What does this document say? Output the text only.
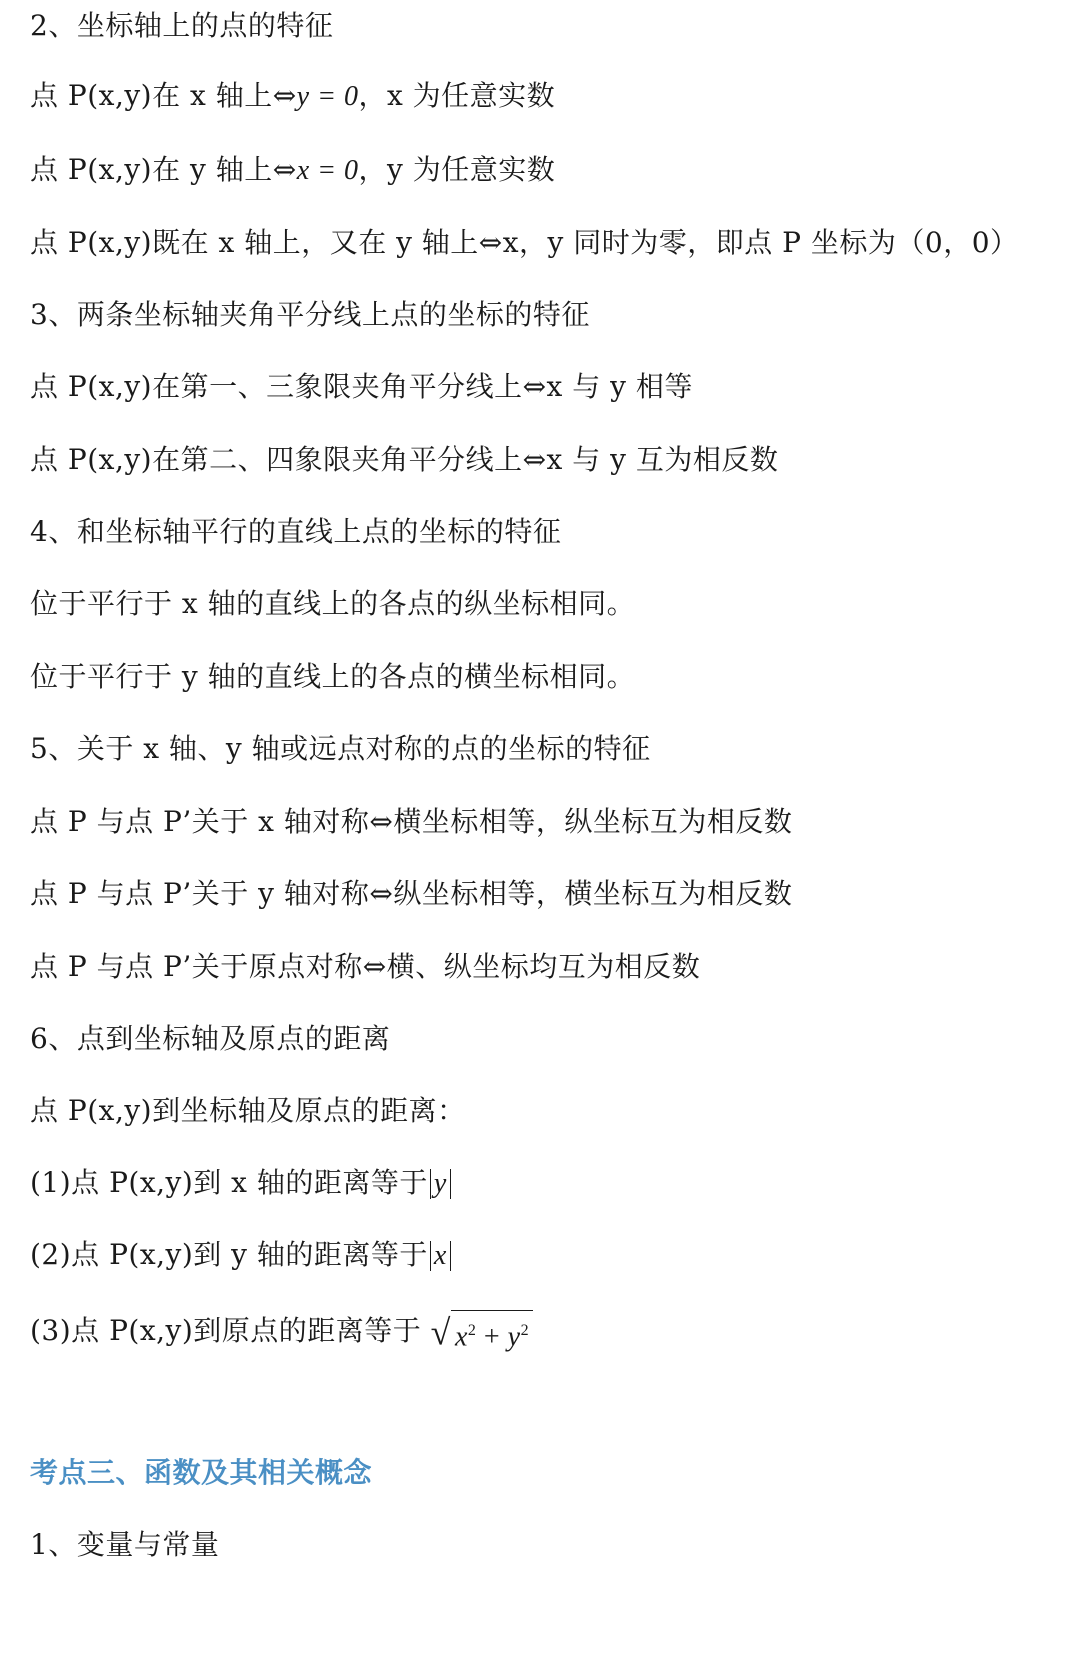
2、坐标轴上的点的特征
点 P(x,y)在 x 轴上⇔y = 0，x 为任意实数
点 P(x,y)在 y 轴上⇔x = 0，y 为任意实数
点 P(x,y)既在 x 轴上，又在 y 轴上⇔x，y 同时为零，即点 P 坐标为（0，0）
3、两条坐标轴夹角平分线上点的坐标的特征
点 P(x,y)在第一、三象限夹角平分线上⇔x 与 y 相等
点 P(x,y)在第二、四象限夹角平分线上⇔x 与 y 互为相反数
4、和坐标轴平行的直线上点的坐标的特征
位于平行于 x 轴的直线上的各点的纵坐标相同。
位于平行于 y 轴的直线上的各点的横坐标相同。
5、关于 x 轴、y 轴或远点对称的点的坐标的特征
点 P 与点 P’关于 x 轴对称⇔横坐标相等，纵坐标互为相反数
点 P 与点 P’关于 y 轴对称⇔纵坐标相等，横坐标互为相反数
点 P 与点 P’关于原点对称⇔横、纵坐标均互为相反数
6、点到坐标轴及原点的距离
点 P(x,y)到坐标轴及原点的距离：
(1)点 P(x,y)到 x 轴的距离等于 y
(2)点 P(x,y)到 y 轴的距离等于 x
(3)点 P(x,y)到原点的距离等于 √ $x^2 + y^2$
考点三、函数及其相关概念
1、变量与常量
